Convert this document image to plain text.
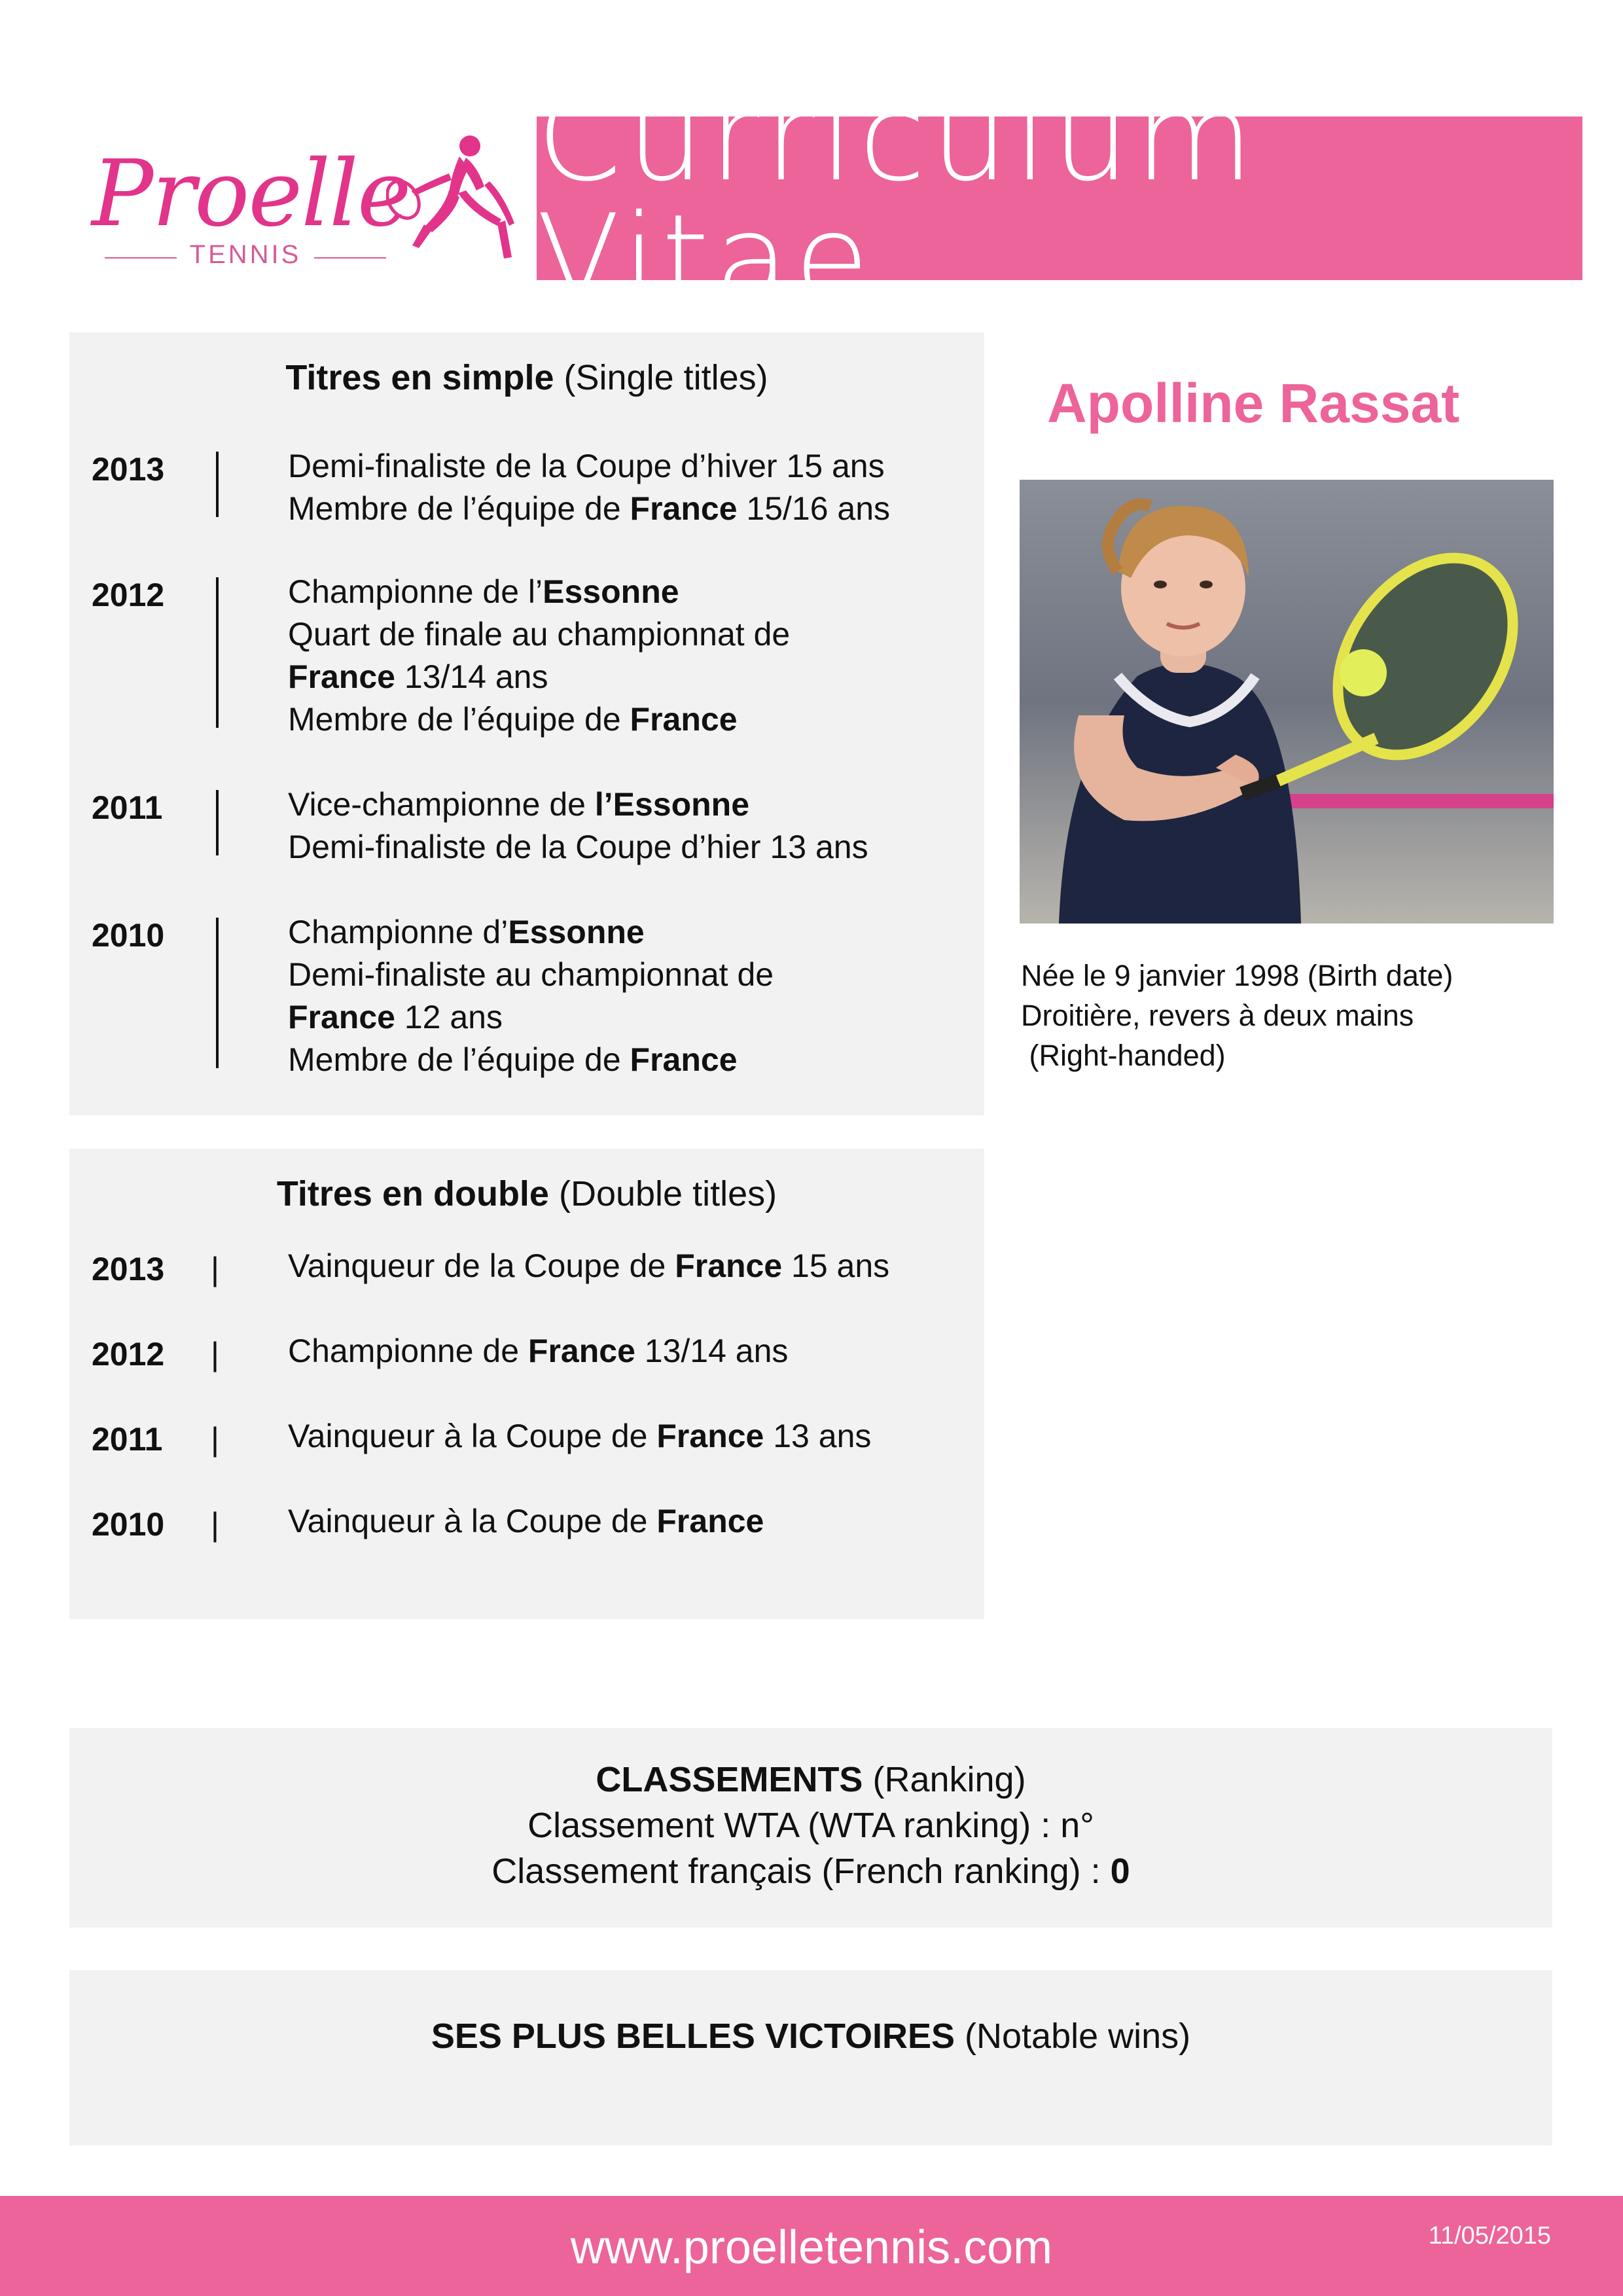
Proelle
TENNIS
Curriculum Vitae
Titres en simple (Single titles)
2013	Demi-finaliste de la Coupe d’hiver 15 ans
Membre de l’équipe de France 15/16 ans
2012	Championne de l’Essonne
Quart de finale au championnat de
France 13/14 ans
Membre de l’équipe de France
2011	Vice-championne de l’Essonne
Demi-finaliste de la Coupe d’hier 13 ans
2010	Championne d’Essonne
Demi-finaliste au championnat de
France 12 ans
Membre de l’équipe de France
Titres en double (Double titles)
2013 | Vainqueur de la Coupe de France 15 ans
2012 | Championne de France 13/14 ans
2011 | Vainqueur à la Coupe de France 13 ans
2010 | Vainqueur à la Coupe de France
Apolline Rassat
Née le 9 janvier 1998 (Birth date)
Droitière, revers à deux mains
(Right-handed)
CLASSEMENTS (Ranking)
Classement WTA (WTA ranking) : n°
Classement français (French ranking) : 0
SES PLUS BELLES VICTOIRES (Notable wins)
www.proelletennis.com	11/05/2015
